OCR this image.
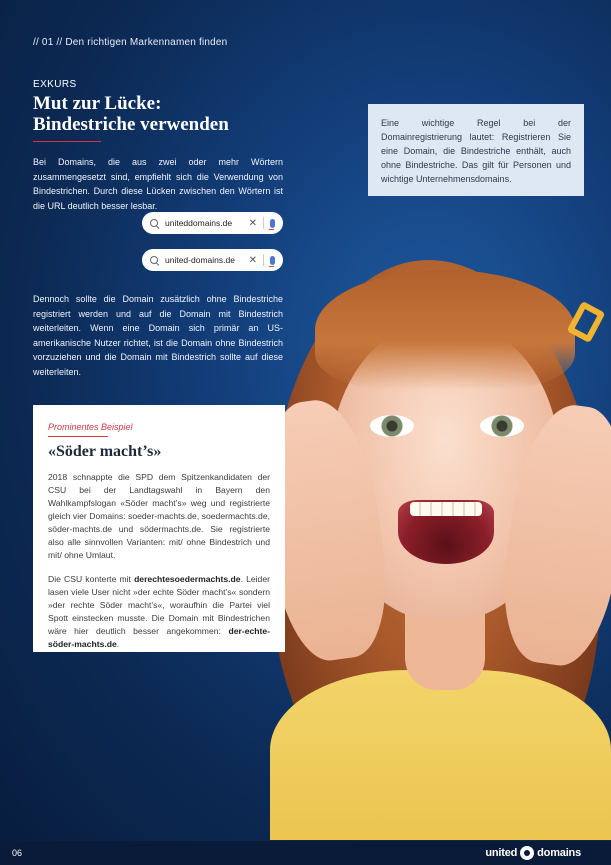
// 01 // Den richtigen Markennamen finden
EXKURS
Mut zur Lücke:
Bindestriche verwenden

Bei Domains, die aus zwei oder mehr Wörtern zusammengesetzt sind, empfiehlt sich die Verwendung von Bindestrichen. Durch diese Lücken zwischen den Wörtern ist die URL deutlich besser lesbar.

uniteddomains.de	✕
united-domains.de	✕

Dennoch sollte die Domain zusätzlich ohne Bindestriche registriert werden und auf die Domain mit Bindestrich weiterleiten. Wenn eine Domain sich primär an US-amerikanische Nutzer richtet, ist die Domain ohne Bindestrich vorzuziehen und die Domain mit Bindestrich sollte auf diese weiterleiten.

Eine wichtige Regel bei der Domainregistrierung lautet: Registrieren Sie eine Domain, die Bindestriche enthält, auch ohne Bindestriche. Das gilt für Personen und wichtige Unternehmensdomains.
Prominentes Beispiel
«Söder macht’s»

2018 schnappte die SPD dem Spitzenkandidaten der CSU bei der Landtagswahl in Bayern den Wahlkampfslogan «Söder macht’s» weg und registrierte gleich vier Domains: soeder-machts.de, soedermachts.de, söder-machts.de und södermachts.de. Sie registrierte also alle sinnvollen Varianten: mit/ ohne Bindestrich und mit/ ohne Umlaut.

Die CSU konterte mit derechtesoedermachts.de. Leider lasen viele User nicht »der echte Söder macht’s« sondern »der rechte Söder macht’s«, woraufhin die Partei viel Spott einstecken musste. Die Domain mit Bindestrichen wäre hier deutlich besser angekommen: der-echte-söder-machts.de.

06	united domains
